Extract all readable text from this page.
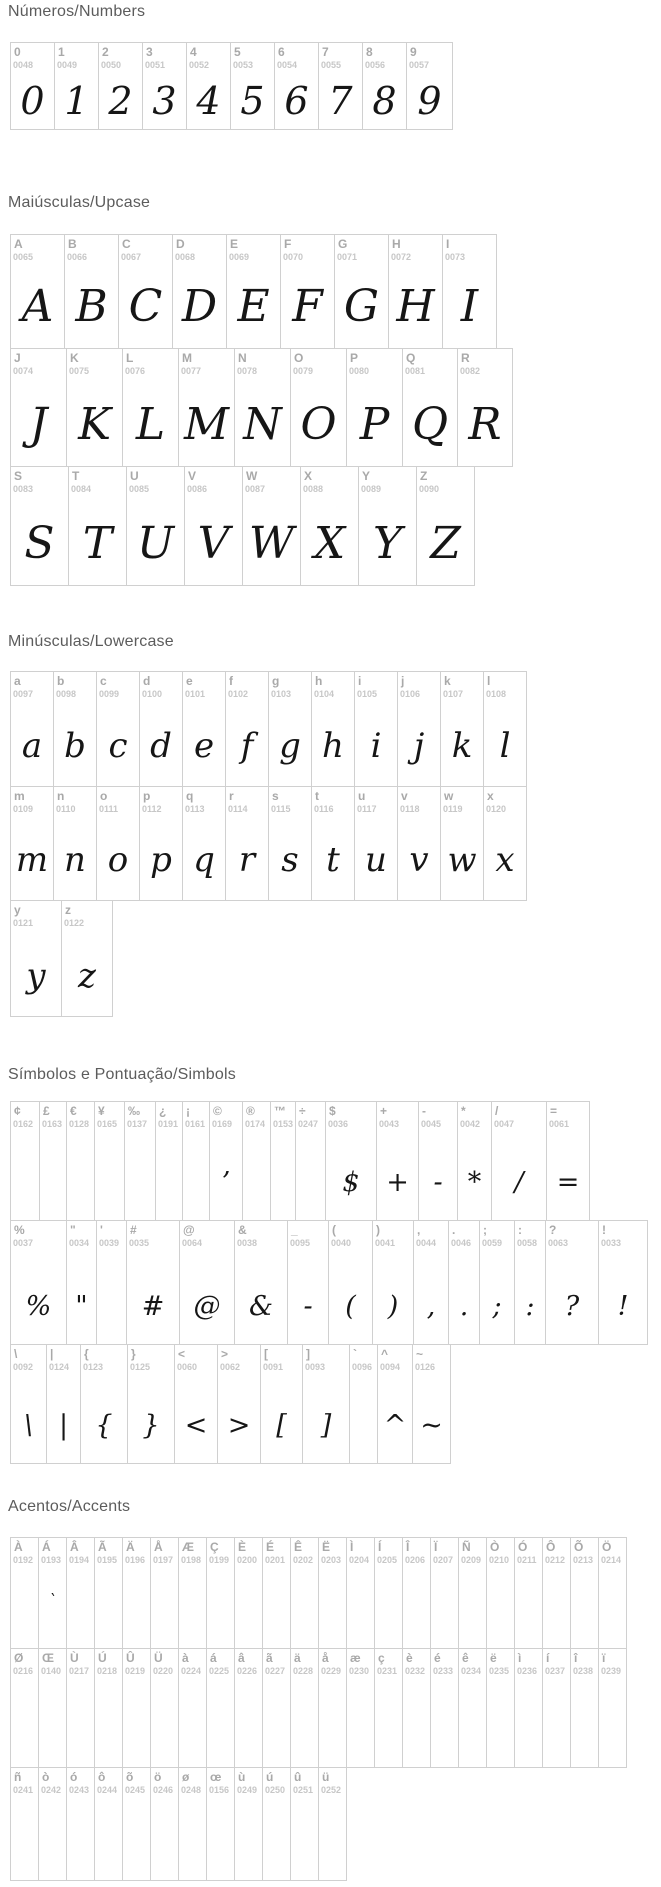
Números/Numbers
0
0048
0
1
0049
1
2
0050
2
3
0051
3
4
0052
4
5
0053
5
6
0054
6
7
0055
7
8
0056
8
9
0057
9
Maiúsculas/Upcase
A
0065
A
B
0066
B
C
0067
C
D
0068
D
E
0069
E
F
0070
F
G
0071
G
H
0072
H
I
0073
I
J
0074
J
K
0075
K
L
0076
L
M
0077
M
N
0078
N
O
0079
O
P
0080
P
Q
0081
Q
R
0082
R
S
0083
S
T
0084
T
U
0085
U
V
0086
V
W
0087
W
X
0088
X
Y
0089
Y
Z
0090
Z
Minúsculas/Lowercase
a
0097
a
b
0098
b
c
0099
c
d
0100
d
e
0101
e
f
0102
f
g
0103
g
h
0104
h
i
0105
i
j
0106
j
k
0107
k
l
0108
l
m
0109
m
n
0110
n
o
0111
o
p
0112
p
q
0113
q
r
0114
r
s
0115
s
t
0116
t
u
0117
u
v
0118
v
w
0119
w
x
0120
x
y
0121
y
z
0122
z
Símbolos e Pontuação/Simbols
¢
0162
£
0163
€
0128
¥
0165
‰
0137
¿
0191
¡
0161
©
0169
’
®
0174
™
0153
÷
0247
$
0036
$
+
0043
+
-
0045
-
*
0042
*
/
0047
/
=
0061
=
%
0037
%
"
0034
"
'
0039
#
0035
#
@
0064
@
&
0038
&
_
0095
-
(
0040
(
)
0041
)
,
0044
,
.
0046
.
;
0059
;
:
0058
:
?
0063
?
!
0033
!
\
0092
\
|
0124
|
{
0123
{
}
0125
}
<
0060
<
>
0062
>
[
0091
[
]
0093
]
`
0096
^
0094
^
~
0126
~
Acentos/Accents
À
0192
Á
0193
`
Â
0194
Ã
0195
Ä
0196
Å
0197
Æ
0198
Ç
0199
È
0200
É
0201
Ê
0202
Ë
0203
Ì
0204
Í
0205
Î
0206
Ï
0207
Ñ
0209
Ò
0210
Ó
0211
Ô
0212
Õ
0213
Ö
0214
Ø
0216
Œ
0140
Ù
0217
Ú
0218
Û
0219
Ü
0220
à
0224
á
0225
â
0226
ã
0227
ä
0228
å
0229
æ
0230
ç
0231
è
0232
é
0233
ê
0234
ë
0235
ì
0236
í
0237
î
0238
ï
0239
ñ
0241
ò
0242
ó
0243
ô
0244
õ
0245
ö
0246
ø
0248
œ
0156
ù
0249
ú
0250
û
0251
ü
0252
